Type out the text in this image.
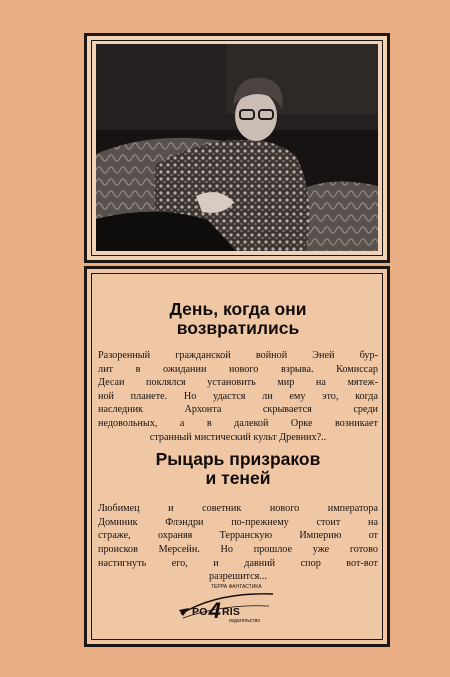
День, когда они
возвратились

Разоренный гражданской войной Эней бур-
лит в ожидании нового взрыва. Комиссар
Десаи поклялся установить мир на мятеж-
ной планете. Но удастся ли ему это, когда
наследник Архонта скрывается среди
недовольных, а в далекой Орке возникает
странный мистический культ Древних?..

Рыцарь призраков
и теней

Любимец и советник нового императора
Доминик Флэндри по-прежнему стоит на
страже, охраняя Терранскую Империю от
происков Мерсейн. Но прошлое уже готово
настигнуть его, и давний спор вот-вот
разрешится...

ТЕРРА ФАНТАСТИКА
PO4RIS
издательство
